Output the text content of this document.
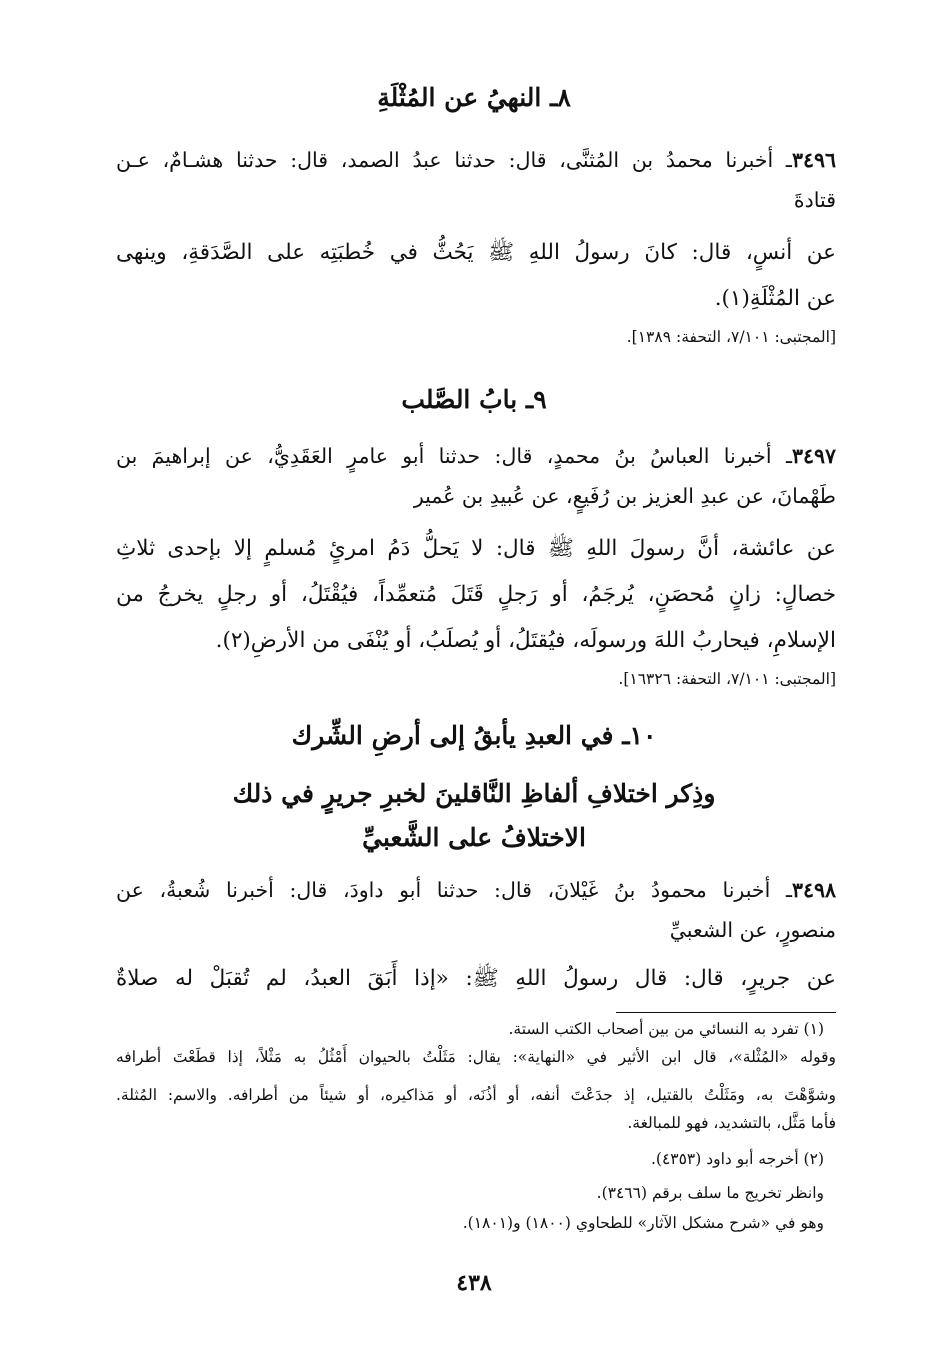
٨ـ النهيُ عن المُثْلَةِ
٣٤٩٦ـ أخبرنا محمدُ بن المُثنَّى، قال: حدثنا عبدُ الصمد، قال: حدثنا هشـامٌ، عـن
قتادةَ
عن أنسٍ، قال: كانَ رسولُ اللهِ ﷺ يَحُثُّ في خُطبَتِه على الصَّدَقةِ، وينهى
عن المُثْلَةِ(١).
[المجتبى: ٧/١٠١، التحفة: ١٣٨٩].
٩ـ بابُ الصَّلب
٣٤٩٧ـ أخبرنا العباسُ بنُ محمدٍ، قال: حدثنا أبو عامرٍ العَقَدِيُّ، عن إبراهيمَ بن
طَهْمانَ، عن عبدِ العزيز بن رُفَيعٍ، عن عُبيدِ بن عُمير
عن عائشة، أنَّ رسولَ اللهِ ﷺ قال: لا يَحلُّ دَمُ امرئٍ مُسلمٍ إلا بإحدى ثلاثِ
خصالٍ: زانٍ مُحصَنٍ، يُرجَمُ، أو رَجلٍ قَتَلَ مُتعمِّداً، فيُقْتَلُ، أو رجلٍ يخرجُ من
الإسلامِ، فيحاربُ اللهَ ورسولَه، فيُقتَلُ، أو يُصلَبُ، أو يُنْفَى من الأرضِ(٢).
[المجتبى: ٧/١٠١، التحفة: ١٦٣٢٦].
١٠ـ في العبدِ يأبقُ إلى أرضِ الشِّرك
وذِكر اختلافِ ألفاظِ النَّاقلينَ لخبرِ جريرٍ في ذلك
الاختلافُ على الشَّعبيِّ
٣٤٩٨ـ أخبرنا محمودُ بنُ غَيْلانَ، قال: حدثنا أبو داودَ، قال: أخبرنا شُعبةُ، عن
منصورٍ، عن الشعبيِّ
عن جريرٍ، قال: قال رسولُ اللهِ ﷺ: «إذا أَبَقَ العبدُ، لم تُقبَلْ له صلاةٌ
(١) تفرد به النسائي من بين أصحاب الكتب الستة.
وقوله «المُثْلة»، قال ابن الأثير في «النهاية»: يقال: مَثَلْتُ بالحيوان أَمْثُلُ به مَثْلاً، إذا قطَعْتَ أطرافه
وشوَّهْتَ به، ومَثَلْتُ بالقتيل، إذ جدَعْتَ أنفه، أو أذُنَه، أو مَذاكيره، أو شيئاً من أطرافه. والاسم: المُثلة.
فأما مَثَّل، بالتشديد، فهو للمبالغة.
(٢) أخرجه أبو داود (٤٣٥٣).
وانظر تخريج ما سلف برقم (٣٤٦٦).
وهو في «شرح مشكل الآثار» للطحاوي (١٨٠٠) و(١٨٠١).
٤٣٨
